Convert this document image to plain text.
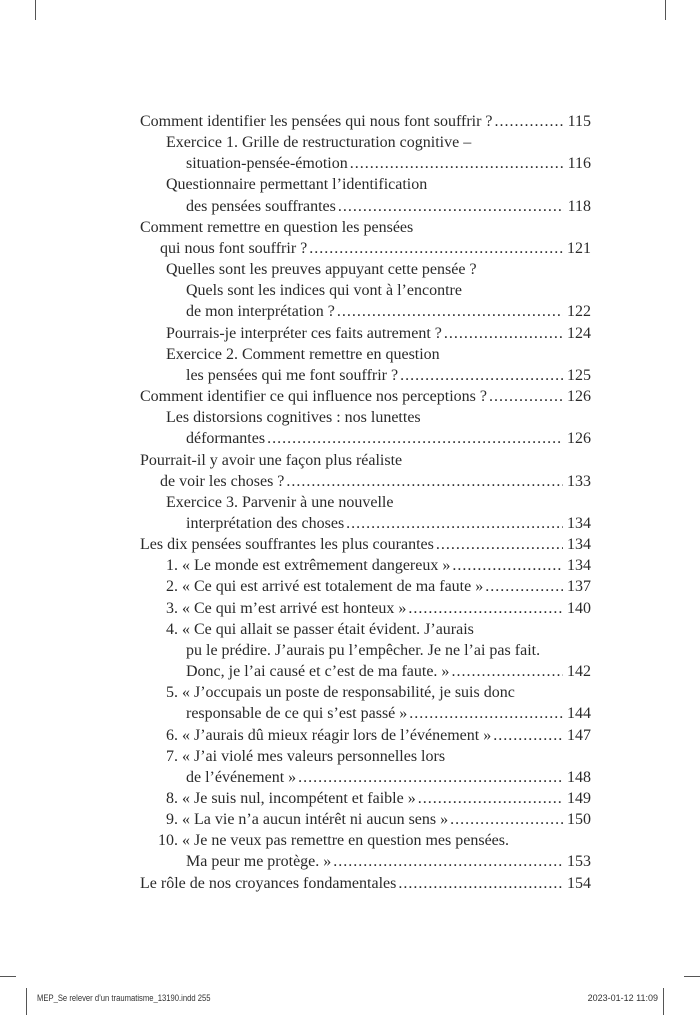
Comment identifier les pensées qui nous font souffrir ? .....	115
Exercice 1. Grille de restructuration cognitive –
situation-pensée-émotion .....	116
Questionnaire permettant l’identification
des pensées souffrantes .....	118
Comment remettre en question les pensées
qui nous font souffrir ? .....	121
Quelles sont les preuves appuyant cette pensée ?
Quels sont les indices qui vont à l’encontre
de mon interprétation ? .....	122
Pourrais-je interpréter ces faits autrement ? .....	124
Exercice 2. Comment remettre en question
les pensées qui me font souffrir ? .....	125
Comment identifier ce qui influence nos perceptions ? .....	126
Les distorsions cognitives : nos lunettes
déformantes .....	126
Pourrait-il y avoir une façon plus réaliste
de voir les choses ? .....	133
Exercice 3. Parvenir à une nouvelle
interprétation des choses .....	134
Les dix pensées souffrantes les plus courantes .....	134
1. « Le monde est extrêmement dangereux » .....	134
2. « Ce qui est arrivé est totalement de ma faute » .....	137
3. « Ce qui m’est arrivé est honteux » .....	140
4. « Ce qui allait se passer était évident. J’aurais
pu le prédire. J’aurais pu l’empêcher. Je ne l’ai pas fait.
Donc, je l’ai causé et c’est de ma faute. » .....	142
5. « J’occupais un poste de responsabilité, je suis donc
responsable de ce qui s’est passé » .....	144
6. « J’aurais dû mieux réagir lors de l’événement » .....	147
7. « J’ai violé mes valeurs personnelles lors
de l’événement » .....	148
8. « Je suis nul, incompétent et faible » .....	149
9. « La vie n’a aucun intérêt ni aucun sens » .....	150
10. « Je ne veux pas remettre en question mes pensées.
Ma peur me protège. » .....	153
Le rôle de nos croyances fondamentales .....	154
MEP_Se relever d’un traumatisme_13190.indd 255	2023-01-12 11:09
